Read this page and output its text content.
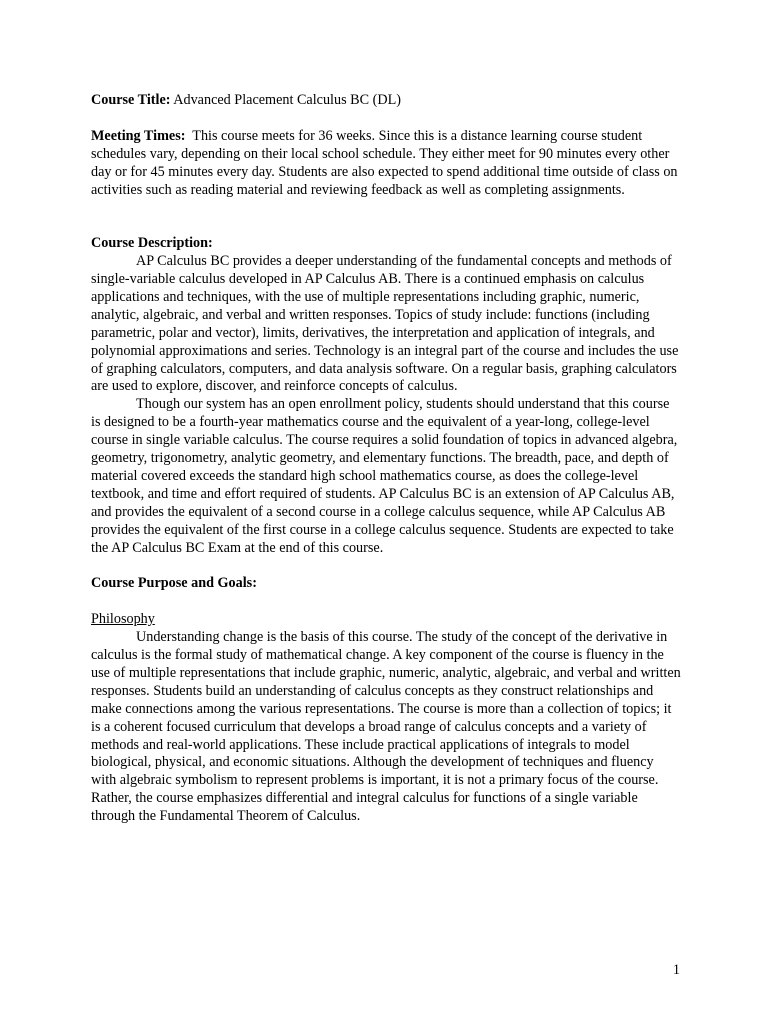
Course Title: Advanced Placement Calculus BC (DL)

Meeting Times: This course meets for 36 weeks. Since this is a distance learning course student schedules vary, depending on their local school schedule. They either meet for 90 minutes every other day or for 45 minutes every day. Students are also expected to spend additional time outside of class on activities such as reading material and reviewing feedback as well as completing assignments.

Course Description:

AP Calculus BC provides a deeper understanding of the fundamental concepts and methods of single-variable calculus developed in AP Calculus AB. There is a continued emphasis on calculus applications and techniques, with the use of multiple representations including graphic, numeric, analytic, algebraic, and verbal and written responses. Topics of study include: functions (including parametric, polar and vector), limits, derivatives, the interpretation and application of integrals, and polynomial approximations and series. Technology is an integral part of the course and includes the use of graphing calculators, computers, and data analysis software. On a regular basis, graphing calculators are used to explore, discover, and reinforce concepts of calculus.

Though our system has an open enrollment policy, students should understand that this course is designed to be a fourth-year mathematics course and the equivalent of a year-long, college-level course in single variable calculus. The course requires a solid foundation of topics in advanced algebra, geometry, trigonometry, analytic geometry, and elementary functions. The breadth, pace, and depth of material covered exceeds the standard high school mathematics course, as does the college-level textbook, and time and effort required of students. AP Calculus BC is an extension of AP Calculus AB, and provides the equivalent of a second course in a college calculus sequence, while AP Calculus AB provides the equivalent of the first course in a college calculus sequence. Students are expected to take the AP Calculus BC Exam at the end of this course.

Course Purpose and Goals:

Philosophy

Understanding change is the basis of this course. The study of the concept of the derivative in calculus is the formal study of mathematical change. A key component of the course is fluency in the use of multiple representations that include graphic, numeric, analytic, algebraic, and verbal and written responses. Students build an understanding of calculus concepts as they construct relationships and make connections among the various representations. The course is more than a collection of topics; it is a coherent focused curriculum that develops a broad range of calculus concepts and a variety of methods and real-world applications. These include practical applications of integrals to model biological, physical, and economic situations. Although the development of techniques and fluency with algebraic symbolism to represent problems is important, it is not a primary focus of the course. Rather, the course emphasizes differential and integral calculus for functions of a single variable through the Fundamental Theorem of Calculus.

1
